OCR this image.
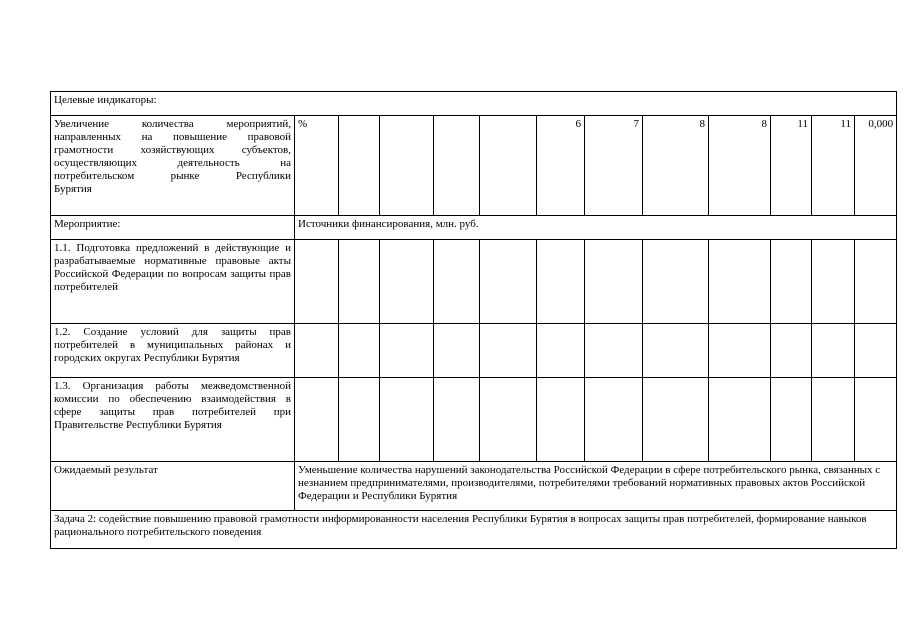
Целевые индикаторы:												
Увеличение количества мероприятий, направленных на повышение правовой грамотности хозяйствующих субъектов, осуществляющих деятельность на потребительском рынке Республики
Бурятия	%					6	7	8	8	11	11	0,000
Мероприятие:	Источники финансирования, млн. руб.											
1.1. Подготовка предложений в действующие и разрабатываемые нормативные правовые акты Российской Федерации по вопросам защиты прав
потребителей												

1.2. Создание условий для защиты прав потребителей в муниципальных районах и
городских округах Республики Бурятия												

1.3. Организация работы межведомственной комиссии по обеспечению взаимодействия в сфере защиты прав потребителей при
Правительстве Республики Бурятия												

Ожидаемый результат	Уменьшение количества нарушений законодательства Российской Федерации в сфере потребительского рынка, связанных с незнанием предпринимателями, производителями, потребителями требований нормативных правовых актов Российской Федерации и Республики Бурятия											
Задача 2: содействие повышению правовой грамотности информированности населения Республики Бурятия в вопросах защиты прав потребителей, формирование навыков рационального потребительского поведения												
